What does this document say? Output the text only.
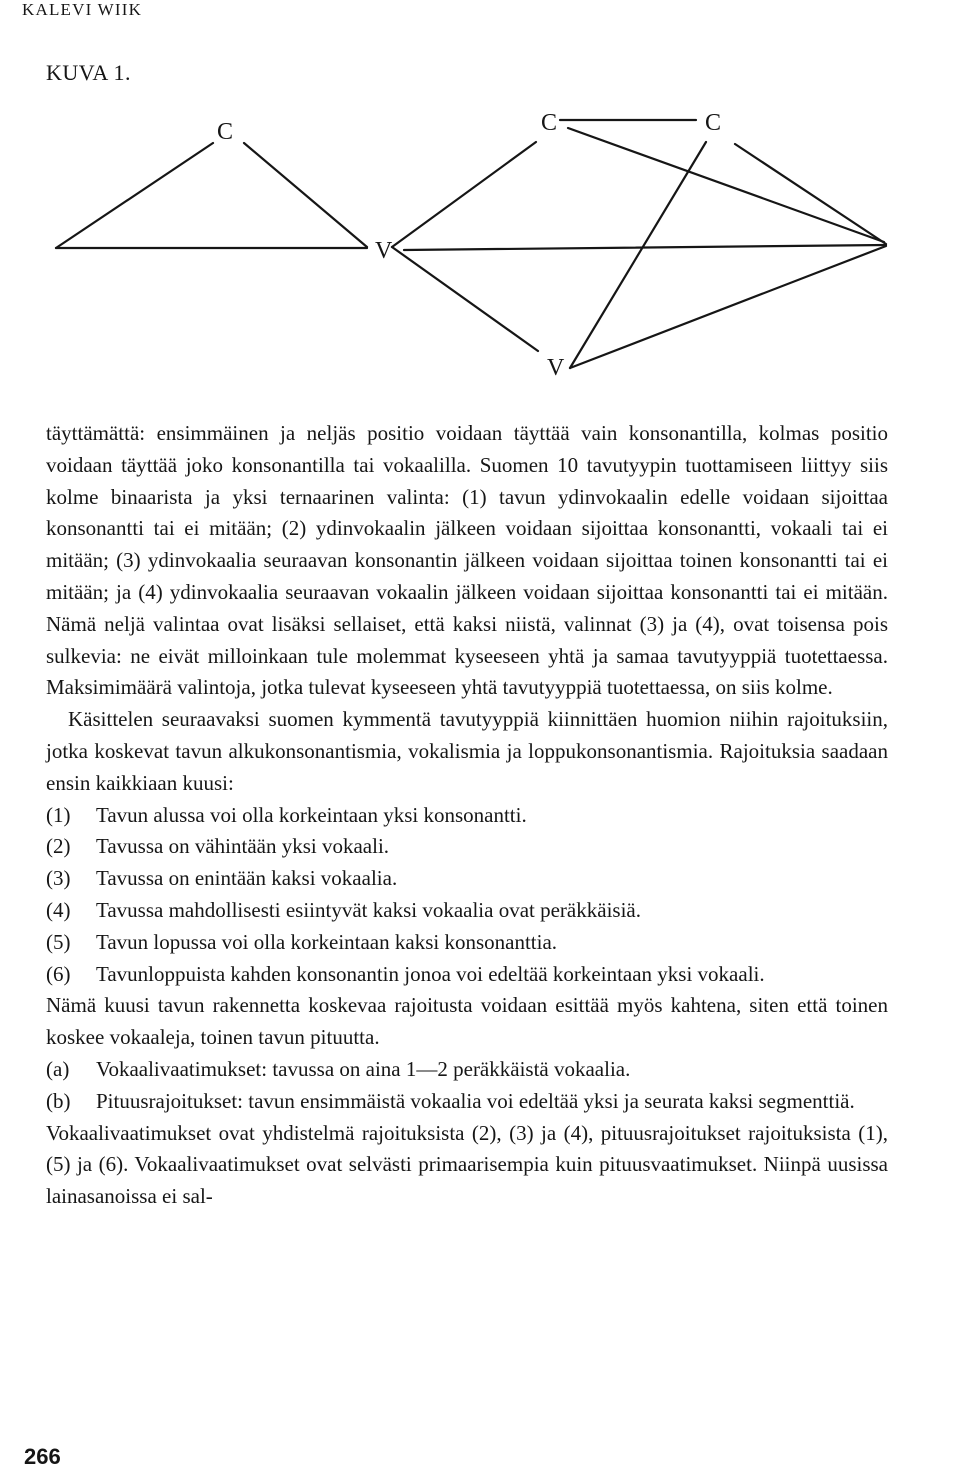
KALEVI WIIK
KUVA 1.
C
V
C	C
V

täyttämättä: ensimmäinen ja neljäs positio voidaan täyttää vain konsonantilla, kolmas positio voidaan täyttää joko konsonantilla tai vokaalilla. Suomen 10 tavutyypin tuottamiseen liittyy siis kolme binaarista ja yksi ternaarinen valinta: (1) tavun ydinvokaalin edelle voidaan sijoittaa konsonantti tai ei mitään; (2) ydinvokaalin jälkeen voidaan sijoittaa konsonantti, vokaali tai ei mitään; (3) ydinvokaalia seuraavan konsonantin jälkeen voidaan sijoittaa toinen konsonantti tai ei mitään; ja (4) ydinvokaalia seuraavan vokaalin jälkeen voidaan sijoittaa konsonantti tai ei mitään. Nämä neljä valintaa ovat lisäksi sellaiset, että kaksi niistä, valinnat (3) ja (4), ovat toisensa pois sulkevia: ne eivät milloinkaan tule molemmat kyseeseen yhtä ja samaa tavutyyppiä tuotettaessa. Maksimimäärä valintoja, jotka tulevat kyseeseen yhtä tavutyyppiä tuotettaessa, on siis kolme.

Käsittelen seuraavaksi suomen kymmentä tavutyyppiä kiinnittäen huomion niihin rajoituksiin, jotka koskevat tavun alkukonsonantismia, vokalismia ja loppukonsonantismia. Rajoituksia saadaan ensin kaikkiaan kuusi:

(1)	Tavun alussa voi olla korkeintaan yksi konsonantti.
(2)	Tavussa on vähintään yksi vokaali.
(3)	Tavussa on enintään kaksi vokaalia.
(4)	Tavussa mahdollisesti esiintyvät kaksi vokaalia ovat peräkkäisiä.
(5)	Tavun lopussa voi olla korkeintaan kaksi konsonanttia.
(6)	Tavunloppuista kahden konsonantin jonoa voi edeltää korkeintaan yksi vokaali.

Nämä kuusi tavun rakennetta koskevaa rajoitusta voidaan esittää myös kahtena, siten että toinen koskee vokaaleja, toinen tavun pituutta.

(a)	Vokaalivaatimukset: tavussa on aina 1—2 peräkkäistä vokaalia.
(b)	Pituusrajoitukset: tavun ensimmäistä vokaalia voi edeltää yksi ja seurata kaksi segmenttiä.

Vokaalivaatimukset ovat yhdistelmä rajoituksista (2), (3) ja (4), pituusrajoitukset rajoituksista (1), (5) ja (6). Vokaalivaatimukset ovat selvästi primaarisempia kuin pituusvaatimukset. Niinpä uusissa lainasanoissa ei sal-

266
